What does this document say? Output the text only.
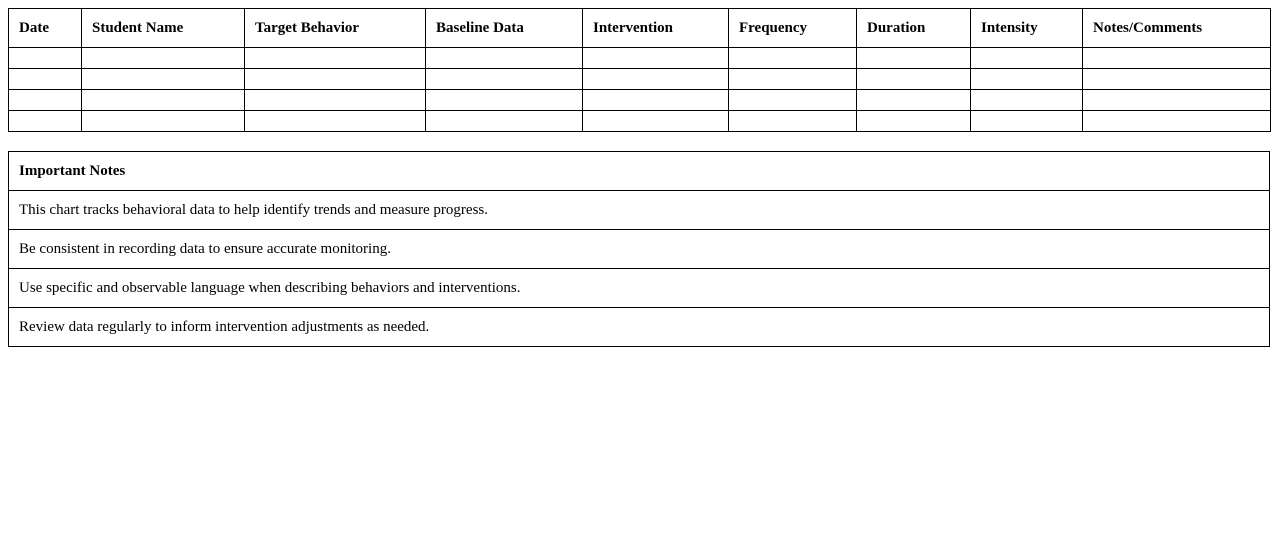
Date	Student Name	Target Behavior	Baseline Data	Intervention	Frequency	Duration	Intensity	Notes/Comments

Important Notes
This chart tracks behavioral data to help identify trends and measure progress.
Be consistent in recording data to ensure accurate monitoring.
Use specific and observable language when describing behaviors and interventions.
Review data regularly to inform intervention adjustments as needed.
